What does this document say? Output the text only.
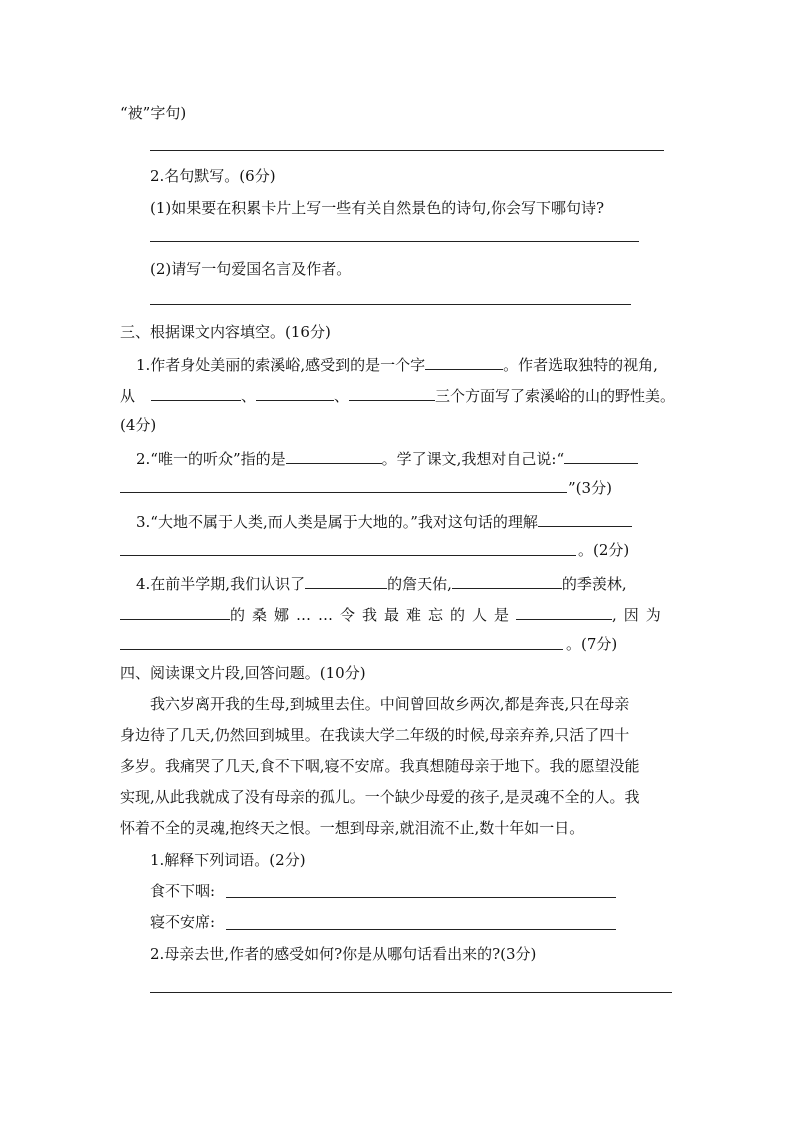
“被”字句)
2.名句默写。(6分)
(1)如果要在积累卡片上写一些有关自然景色的诗句,你会写下哪句诗?
(2)请写一句爱国名言及作者。
三、根据课文内容填空。(16分)
1.作者身处美丽的索溪峪,感受到的是一个字	。作者选取独特的视角,
从	、	、	三个方面写了索溪峪的山的野性美。
(4分)
2.“唯一的听众”指的是	。学了课文,我想对自己说:“
”(3分)
3.“大地不属于人类,而人类是属于大地的。”我对这句话的理解
。(2分)
4.在前半学期,我们认识了	的詹天佑,	的季羡林,
的桑娜……令我最难忘的人是	,因为
。(7分)
四、阅读课文片段,回答问题。(10分)
我六岁离开我的生母,到城里去住。中间曾回故乡两次,都是奔丧,只在母亲
身边待了几天,仍然回到城里。在我读大学二年级的时候,母亲弃养,只活了四十
多岁。我痛哭了几天,食不下咽,寝不安席。我真想随母亲于地下。我的愿望没能
实现,从此我就成了没有母亲的孤儿。一个缺少母爱的孩子,是灵魂不全的人。我
怀着不全的灵魂,抱终天之恨。一想到母亲,就泪流不止,数十年如一日。
1.解释下列词语。(2分)
食不下咽:
寝不安席:
2.母亲去世,作者的感受如何?你是从哪句话看出来的?(3分)
